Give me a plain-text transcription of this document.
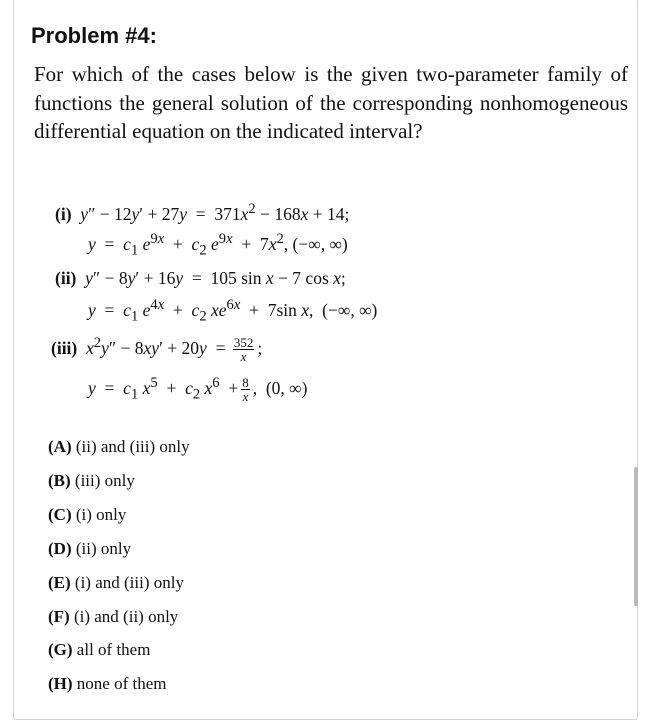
Problem #4:
For which of the cases below is the given two-parameter family of functions the general solution of the corresponding nonhomogeneous differential equation on the indicated interval?
(i) $y'' - 12y' + 27y = 371x^2 - 168x + 14$;
$y = c_1$ $e^{9x} + c_2$ $e^{9x} + 7x^2$, (−∞, ∞)
(ii) y″ − 8y′ + 16y  =  105 sin x − 7 cos x;
$y = c_1$ $e^{4x} + c_2$ $xe^{6x} + 7\sin$ x,  (−∞, ∞)
(iii) $x^2y'' - 8xy' + 20y = \frac{352}{x}$ ;
$y = c_1$ $x^5 + c_2$ $x^6 + \frac{8}{x}$ ,  (0, ∞)
(A) (ii) and (iii) only
(B) (iii) only
(C) (i) only
(D) (ii) only
(E) (i) and (iii) only
(F) (i) and (ii) only
(G) all of them
(H) none of them
